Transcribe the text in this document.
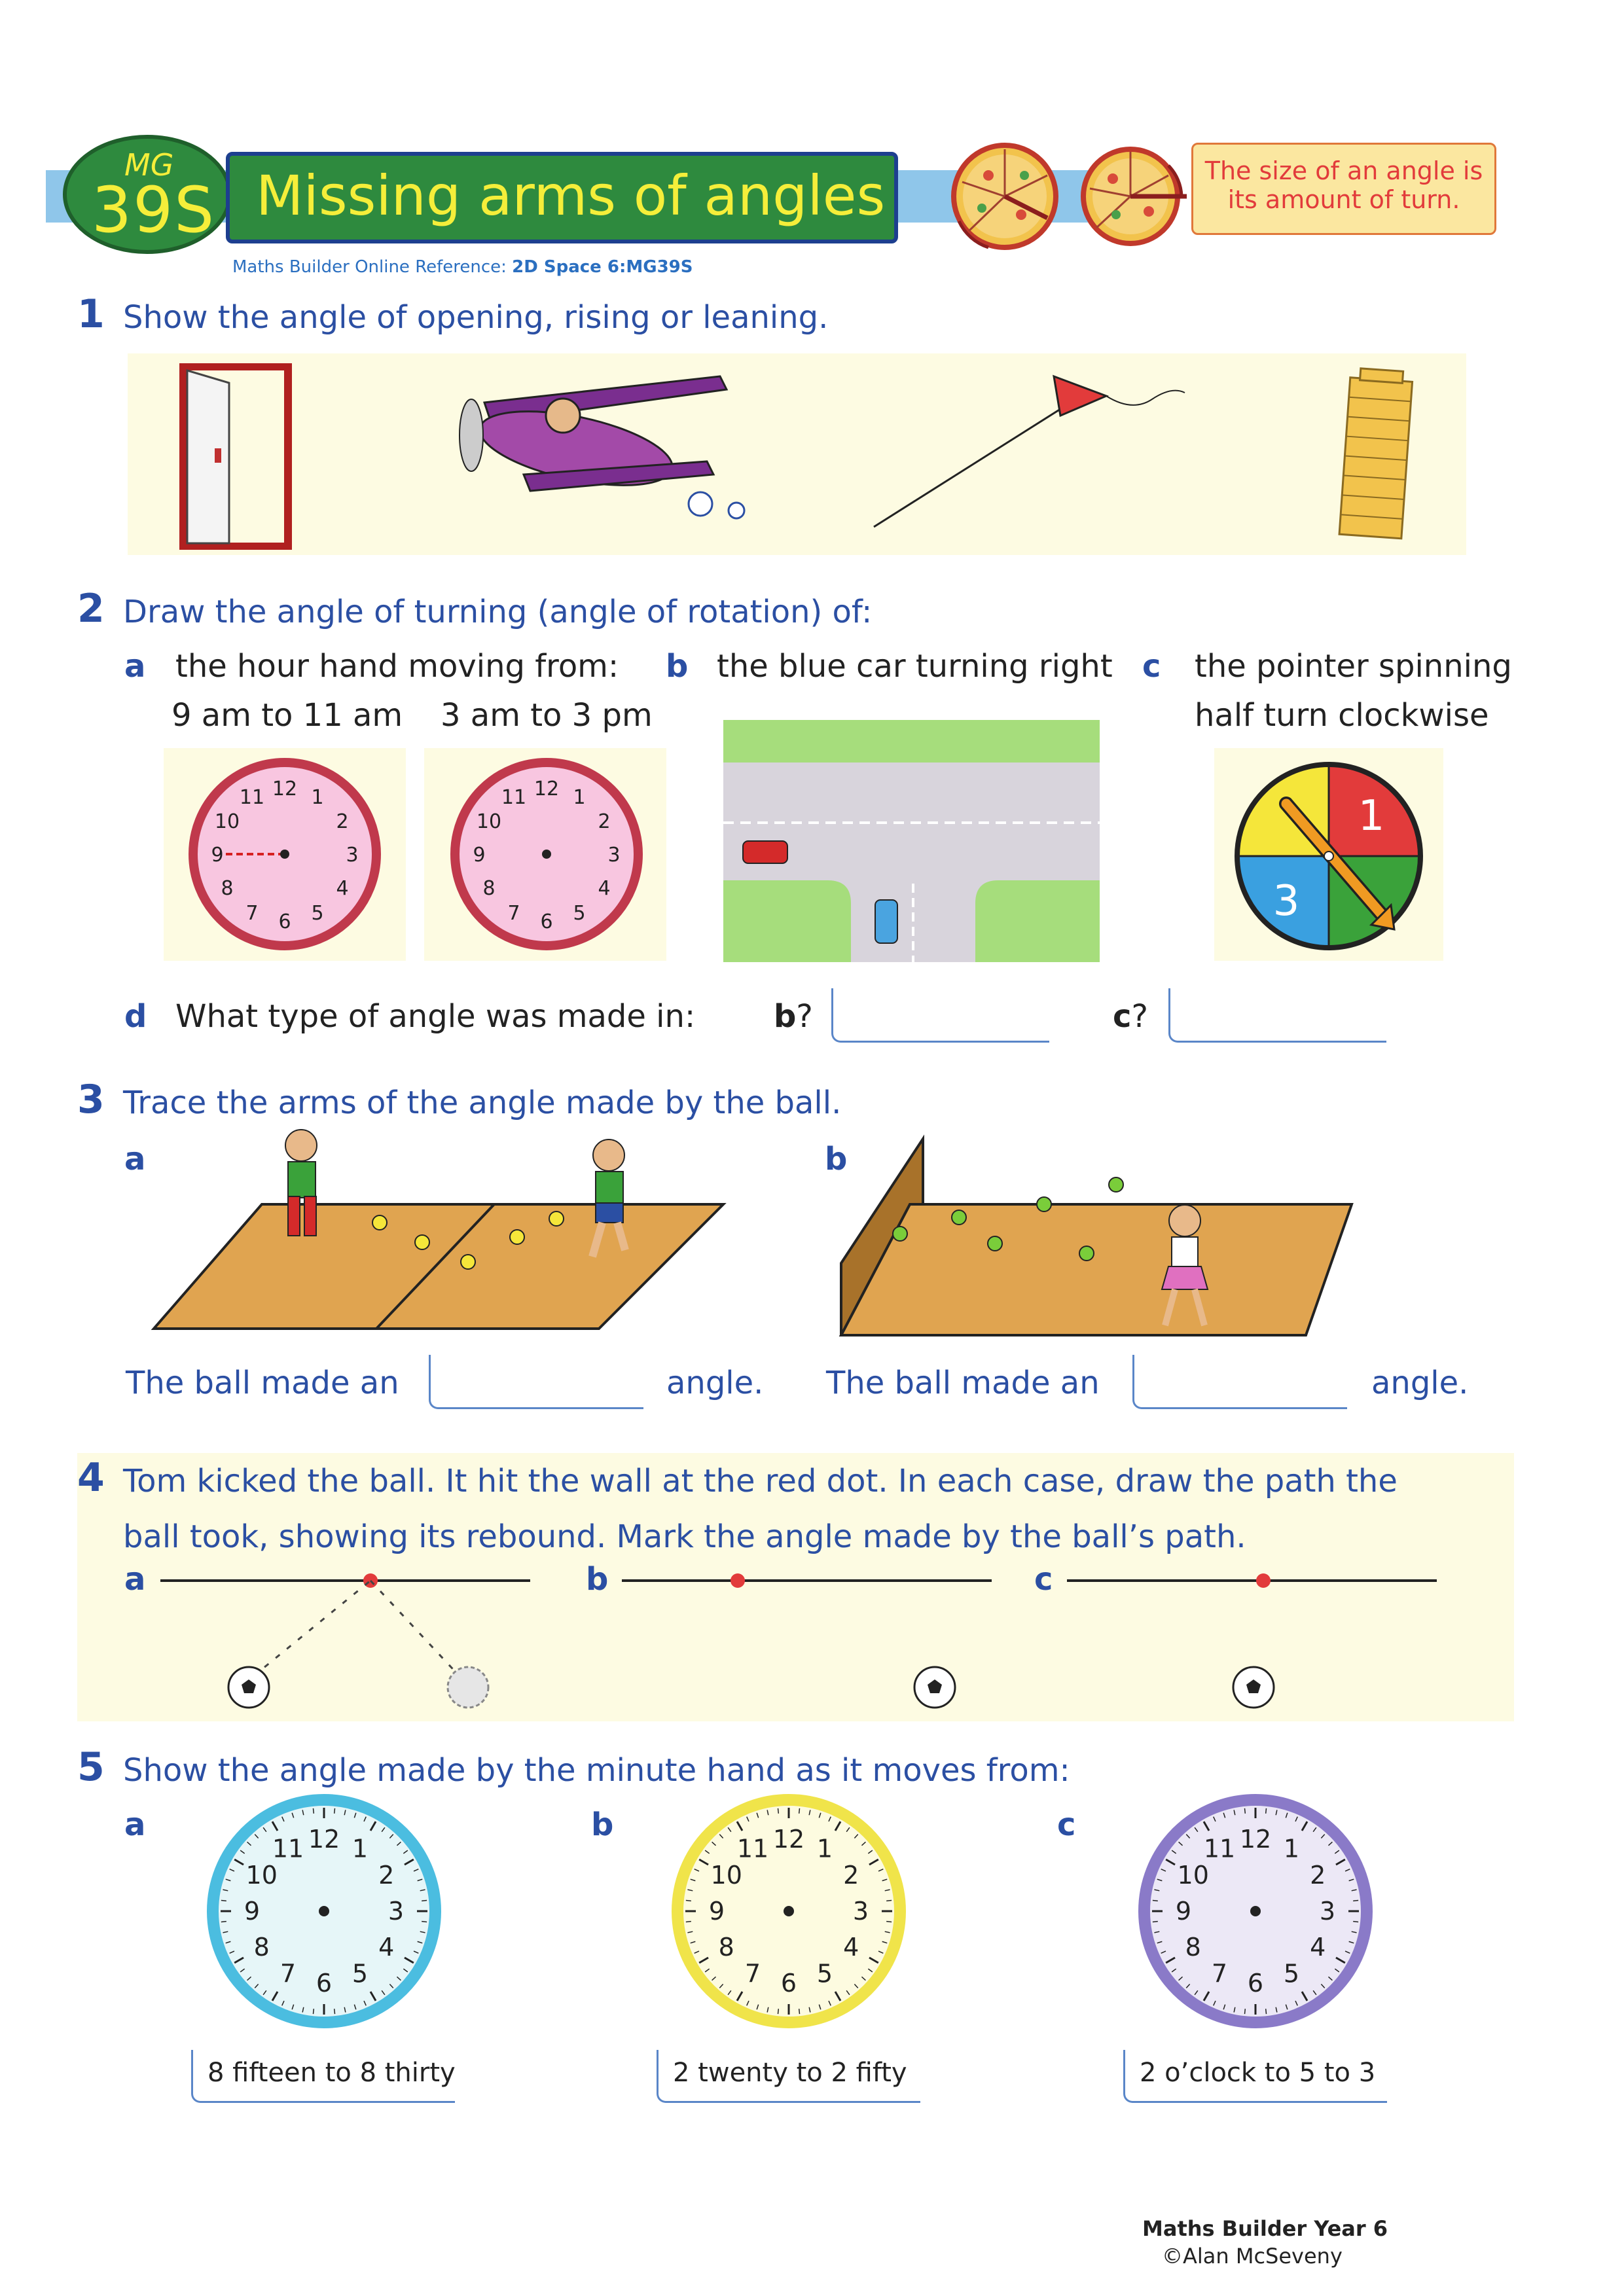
MG
39S Missing arms of angles
Maths Builder Online Reference: 2D Space 6:MG39S
The size of an angle is
its amount of turn.
1 Show the angle of opening, rising or leaning.
2 Draw the angle of turning (angle of rotation) of:
a the hour hand moving from:
9 am to 11 am 3 am to 3 pm
b the blue car turning right c the pointer spinning
half turn clockwise
12 1
2
3
4
5
6
7
8
9
10
11	12 1
2
3
4
5
6
7
8
9
10
11	1
3
d What type of angle was made in: b?	c?
3 Trace the arms of the angle made by the ball.
a	b
The ball made an	angle. The ball made an	angle.
4 Tom kicked the ball. It hit the wall at the red dot. In each case, draw the path the
ball took, showing its rebound. Mark the angle made by the ball’s path.
a	b	c
5 Show the angle made by the minute hand as it moves from:
a	b	c
12 1
2
3
4
5
6
7
8
9
10
11	12 1
2
3
4
5
6
7
8
9
10
11	12 1
2
3
4
5
6
7
8
9
10
11
8 fifteen to 8 thirty	2 twenty to 2 fifty	2 o’clock to 5 to 3
Maths Builder Year 6
©Alan McSeveny
